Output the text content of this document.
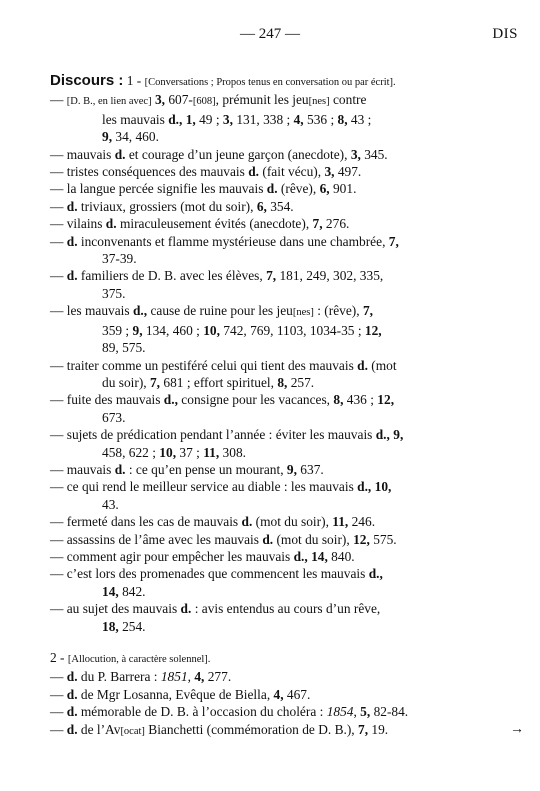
— 247 —	DIS

Discours : 1 - [Conversations ; Propos tenus en conversation ou par écrit].

— [D. B., en lien avec] 3, 607-[608], prémunit les jeu[nes] contre

les mauvais d., 1, 49 ; 3, 131, 338 ; 4, 536 ; 8, 43 ;

9, 34, 460.

— mauvais d. et courage d’un jeune garçon (anecdote), 3, 345.

— tristes conséquences des mauvais d. (fait vécu), 3, 497.

— la langue percée signifie les mauvais d. (rêve), 6, 901.

— d. triviaux, grossiers (mot du soir), 6, 354.

— vilains d. miraculeusement évités (anecdote), 7, 276.

— d. inconvenants et flamme mystérieuse dans une chambrée, 7,

37-39.

— d. familiers de D. B. avec les élèves, 7, 181, 249, 302, 335,

375.

— les mauvais d., cause de ruine pour les jeu[nes] : (rêve), 7,

359 ; 9, 134, 460 ; 10, 742, 769, 1103, 1034-35 ; 12,

89, 575.

— traiter comme un pestiféré celui qui tient des mauvais d. (mot

du soir), 7, 681 ; effort spirituel, 8, 257.

— fuite des mauvais d., consigne pour les vacances, 8, 436 ; 12,

673.

— sujets de prédication pendant l’année : éviter les mauvais d., 9,

458, 622 ; 10, 37 ; 11, 308.

— mauvais d. : ce qu’en pense un mourant, 9, 637.

— ce qui rend le meilleur service au diable : les mauvais d., 10,

43.

— fermeté dans les cas de mauvais d. (mot du soir), 11, 246.

— assassins de l’âme avec les mauvais d. (mot du soir), 12, 575.

— comment agir pour empêcher les mauvais d., 14, 840.

— c’est lors des promenades que commencent les mauvais d.,

14, 842.

— au sujet des mauvais d. : avis entendus au cours d’un rêve,

18, 254.

2 - [Allocution, à caractère solennel].

— d. du P. Barrera : 1851, 4, 277.

— d. de Mgr Losanna, Evêque de Biella, 4, 467.

— d. mémorable de D. B. à l’occasion du choléra : 1854, 5, 82-84.

— d. de l’Av[ocat] Bianchetti (commémoration de D. B.), 7, 19.	→
